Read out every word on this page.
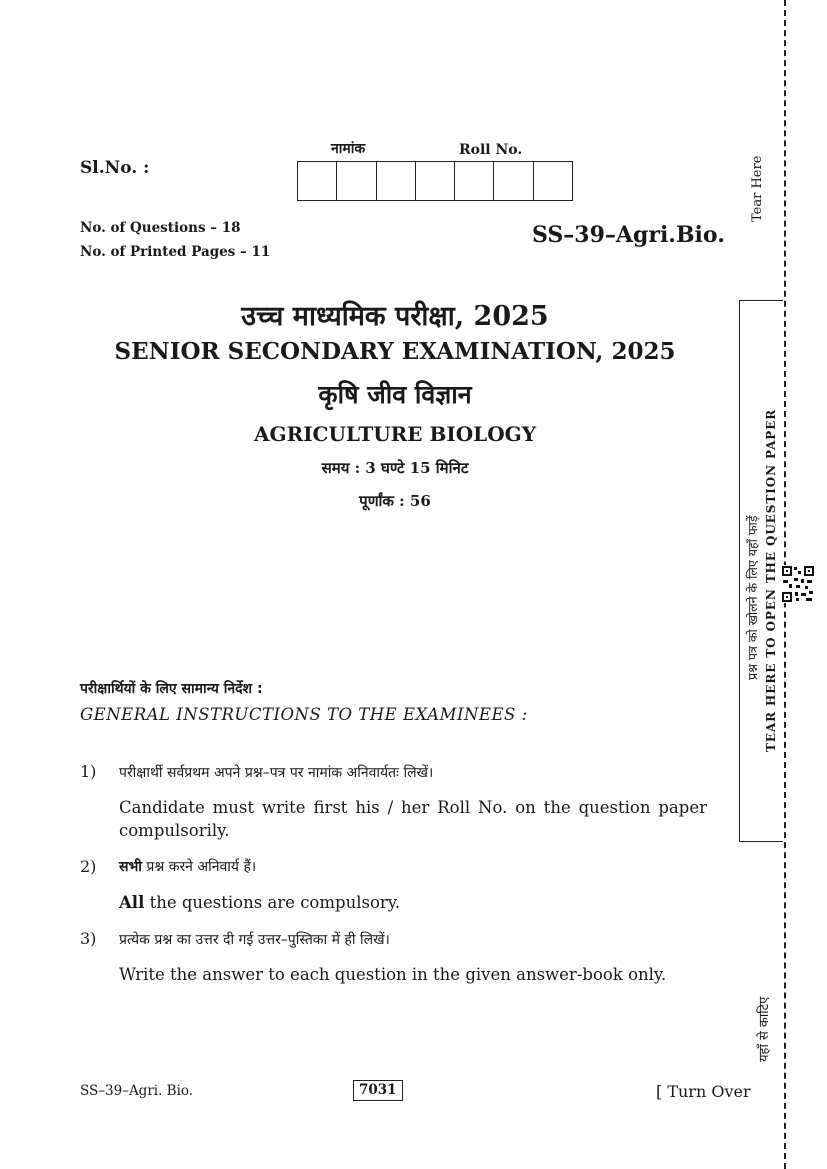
Sl.No. :
नामांक	Roll No.
No. of Questions – 18
No. of Printed Pages – 11
SS–39–Agri.Bio.
उच्च माध्यमिक परीक्षा, 2025
SENIOR SECONDARY EXAMINATION, 2025
कृषि जीव विज्ञान
AGRICULTURE BIOLOGY
समय : 3 घण्टे 15 मिनिट
पूर्णांक : 56
परीक्षार्थियों के लिए सामान्य निर्देश :
GENERAL INSTRUCTIONS TO THE EXAMINEES :
1) परीक्षार्थी सर्वप्रथम अपने प्रश्न–पत्र पर नामांक अनिवार्यतः लिखें।
Candidate must write first his / her Roll No. on the question paper compulsorily.
2) सभी प्रश्न करने अनिवार्य हैं।
All the questions are compulsory.
3) प्रत्येक प्रश्न का उत्तर दी गई उत्तर–पुस्तिका में ही लिखें।
Write the answer to each question in the given answer-book only.
Tear Here
प्रश्न पत्र को खोलने के लिए यहाँ फाड़ें TEAR HERE TO OPEN THE QUESTION PAPER
यहाँ से काटिए
SS–39–Agri. Bio.	7031	[ Turn Over
